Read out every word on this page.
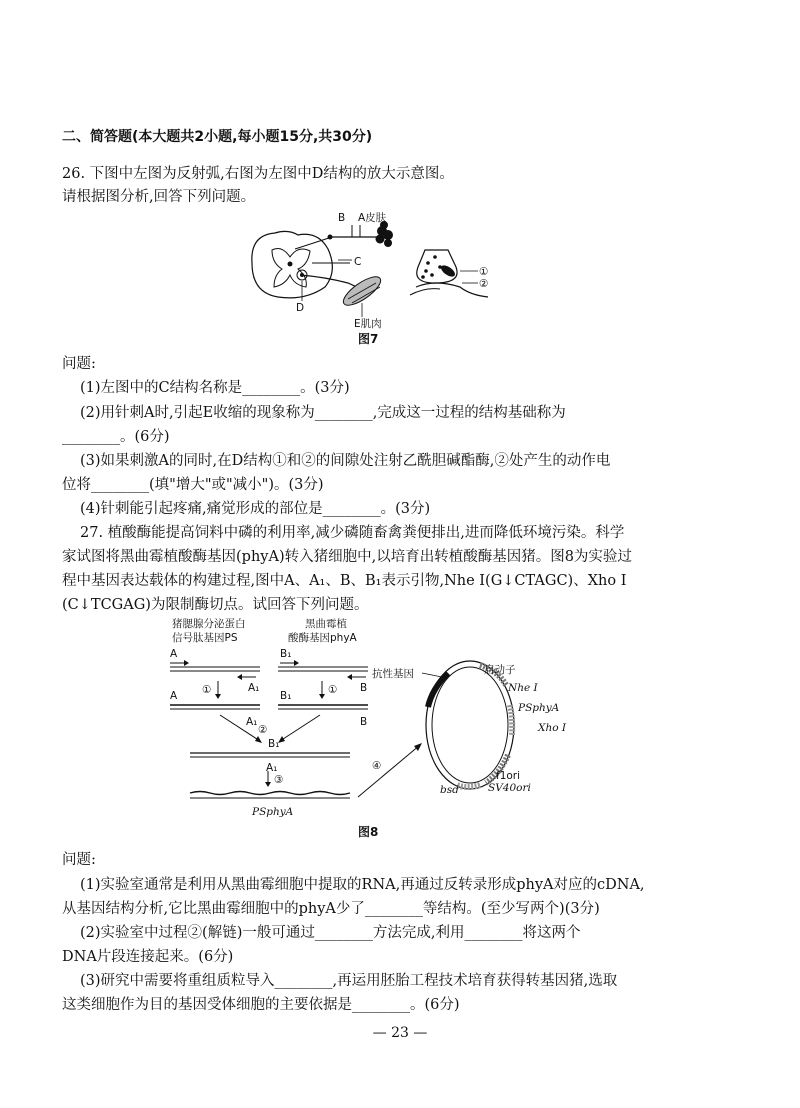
二、简答题(本大题共2小题,每小题15分,共30分)
26. 下图中左图为反射弧,右图为左图中D结构的放大示意图。
请根据图分析,回答下列问题。
B A皮肤
C
D
E肌肉
①
②
图7
问题:
(1)左图中的C结构名称是________。(3分)
(2)用针刺A时,引起E收缩的现象称为________,完成这一过程的结构基础称为
________。(6分)
(3)如果刺激A的同时,在D结构①和②的间隙处注射乙酰胆碱酯酶,②处产生的动作电
位将________(填"增大"或"减小")。(3分)
(4)针刺能引起疼痛,痛觉形成的部位是________。(3分)
27. 植酸酶能提高饲料中磷的利用率,减少磷随畜禽粪便排出,进而降低环境污染。科学
家试图将黑曲霉植酸酶基因(phyA)转入猪细胞中,以培育出转植酸酶基因猪。图8为实验过
程中基因表达载体的构建过程,图中A、A₁、B、B₁表示引物,Nhe Ⅰ(G↓CTAGC)、Xho Ⅰ
(C↓TCGAG)为限制酶切点。试回答下列问题。
猪腮腺分泌蛋白
信号肽基因PS
黑曲霉植
酸酶基因phyA
A
A₁
①
A
A₁
B₁
B
①
B₁
B
②
B₁
A₁
③
PSphyA
④
抗性基因	启动子
Nhe Ⅰ
PSphyA
Xho Ⅰ
f1ori
SV40ori
bsd
图8
问题:
(1)实验室通常是利用从黑曲霉细胞中提取的RNA,再通过反转录形成phyA对应的cDNA,
从基因结构分析,它比黑曲霉细胞中的phyA少了________等结构。(至少写两个)(3分)
(2)实验室中过程②(解链)一般可通过________方法完成,利用________将这两个
DNA片段连接起来。(6分)
(3)研究中需要将重组质粒导入________,再运用胚胎工程技术培育获得转基因猪,选取
这类细胞作为目的基因受体细胞的主要依据是________。(6分)
— 23 —
